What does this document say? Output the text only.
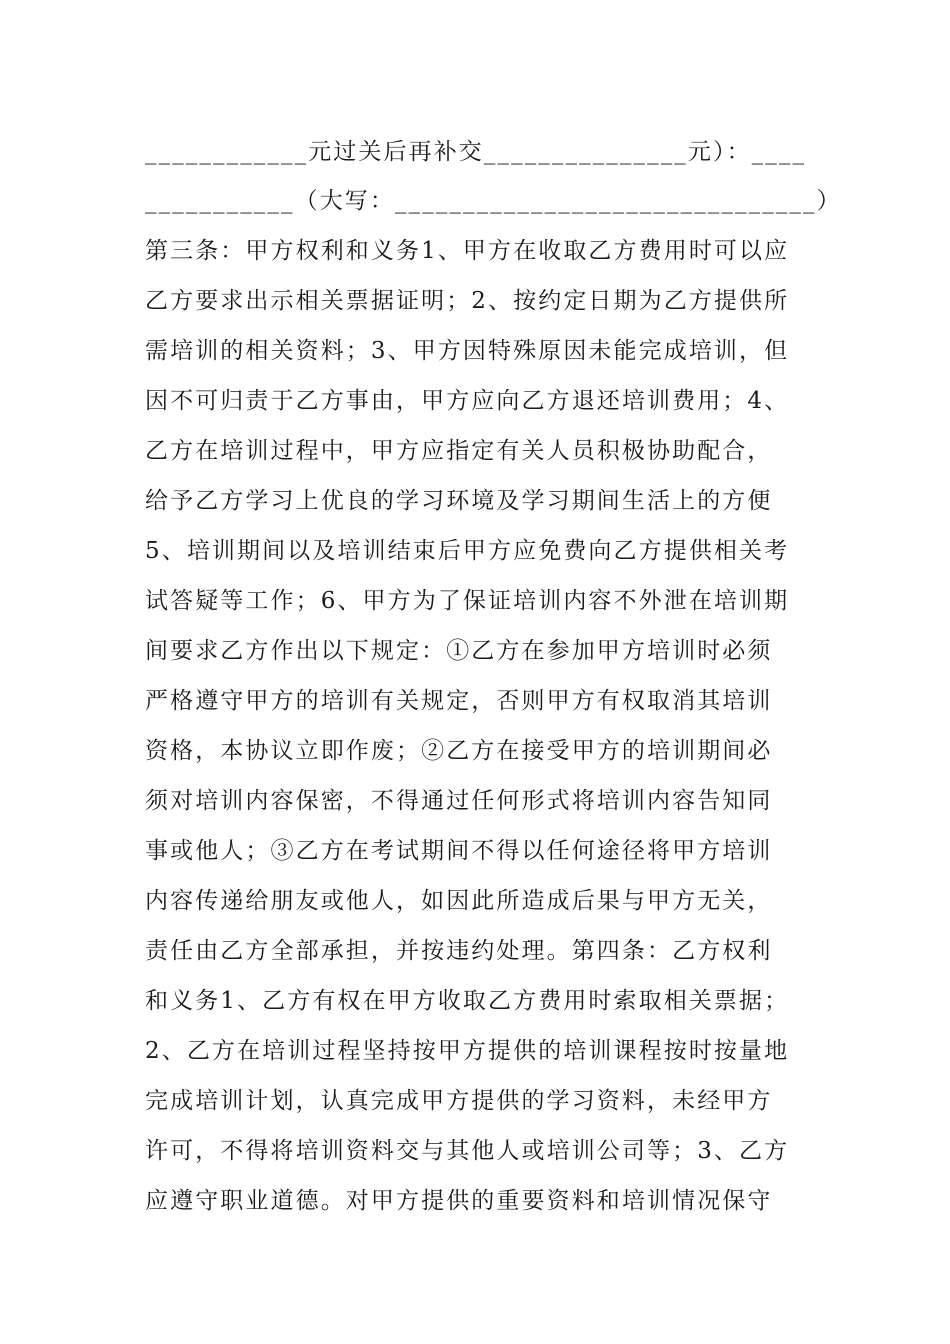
____________元过关后再补交_______________元）：____
___________（大写：_______________________________）
第三条：甲方权利和义务1、甲方在收取乙方费用时可以应
乙方要求出示相关票据证明；2、按约定日期为乙方提供所
需培训的相关资料；3、甲方因特殊原因未能完成培训，但
因不可归责于乙方事由，甲方应向乙方退还培训费用；4、
乙方在培训过程中，甲方应指定有关人员积极协助配合，
给予乙方学习上优良的学习环境及学习期间生活上的方便
5、培训期间以及培训结束后甲方应免费向乙方提供相关考
试答疑等工作；6、甲方为了保证培训内容不外泄在培训期
间要求乙方作出以下规定：①乙方在参加甲方培训时必须
严格遵守甲方的培训有关规定，否则甲方有权取消其培训
资格，本协议立即作废；②乙方在接受甲方的培训期间必
须对培训内容保密，不得通过任何形式将培训内容告知同
事或他人；③乙方在考试期间不得以任何途径将甲方培训
内容传递给朋友或他人，如因此所造成后果与甲方无关，
责任由乙方全部承担，并按违约处理。第四条：乙方权利
和义务1、乙方有权在甲方收取乙方费用时索取相关票据；
2、乙方在培训过程坚持按甲方提供的培训课程按时按量地
完成培训计划，认真完成甲方提供的学习资料，未经甲方
许可，不得将培训资料交与其他人或培训公司等；3、乙方
应遵守职业道德。对甲方提供的重要资料和培训情况保守
